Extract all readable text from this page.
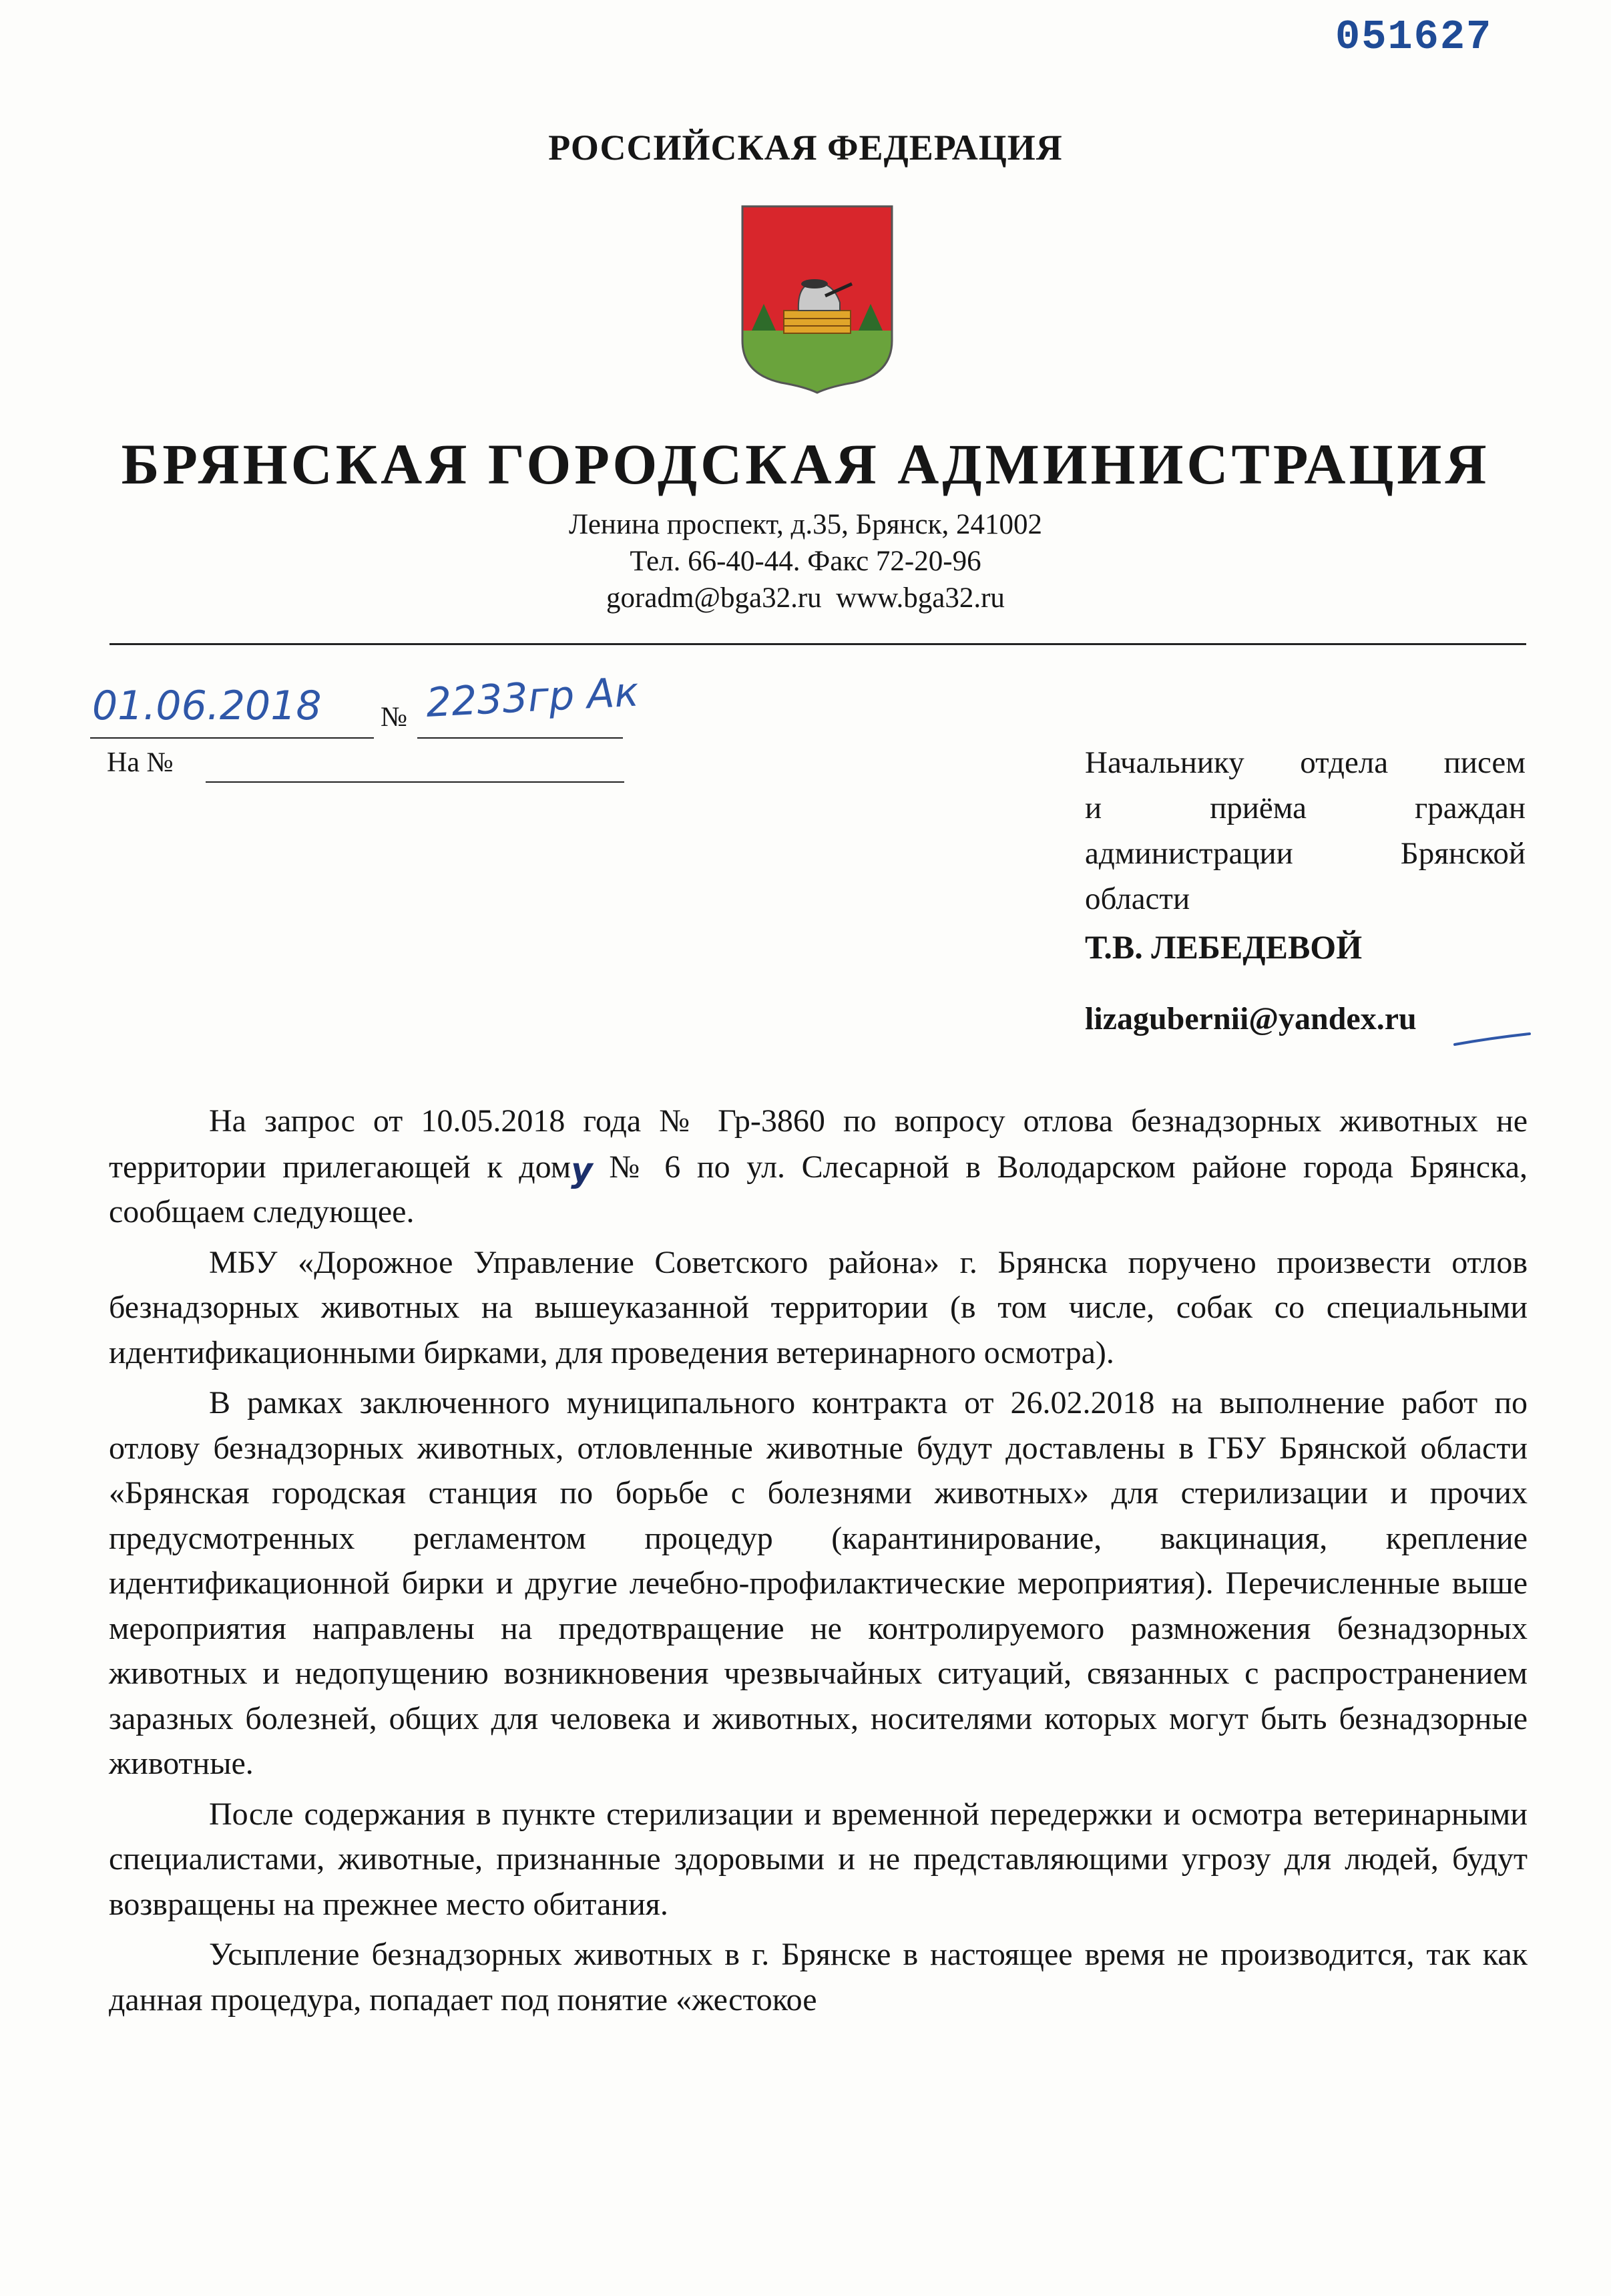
051627
РОССИЙСКАЯ ФЕДЕРАЦИЯ
БРЯНСКАЯ ГОРОДСКАЯ АДМИНИСТРАЦИЯ
Ленина проспект, д.35, Брянск, 241002
Тел. 66-40-44. Факс 72-20-96
goradm@bga32.ru  www.bga32.ru
01.06.2018 № 2233гр Ак
На №	Начальнику отдела писем
и приёма граждан
администрации Брянской
области
Т.В. ЛЕБЕДЕВОЙ
lizagubernii@yandex.ru

На запрос от 10.05.2018 года № Гр-3860 по вопросу отлова безнадзорных животных не территории прилегающей к дому № 6 по ул. Слесарной в Володарском районе города Брянска, сообщаем следующее.

МБУ «Дорожное Управление Советского района» г. Брянска поручено произвести отлов безнадзорных животных на вышеуказанной территории (в том числе, собак со специальными идентификационными бирками, для проведения ветеринарного осмотра).

В рамках заключенного муниципального контракта от 26.02.2018 на выполнение работ по отлову безнадзорных животных, отловленные животные будут доставлены в ГБУ Брянской области «Брянская городская станция по борьбе с болезнями животных» для стерилизации и прочих предусмотренных регламентом процедур (карантинирование, вакцинация, крепление идентификационной бирки и другие лечебно-профилактические мероприятия). Перечисленные выше мероприятия направлены на предотвращение не контролируемого размножения безнадзорных животных и недопущению возникновения чрезвычайных ситуаций, связанных с распространением заразных болезней, общих для человека и животных, носителями которых могут быть безнадзорные животные.

После содержания в пункте стерилизации и временной передержки и осмотра ветеринарными специалистами, животные, признанные здоровыми и не представляющими угрозу для людей, будут возвращены на прежнее место обитания.

Усыпление безнадзорных животных в г. Брянске в настоящее время не производится, так как данная процедура, попадает под понятие «жестокое
